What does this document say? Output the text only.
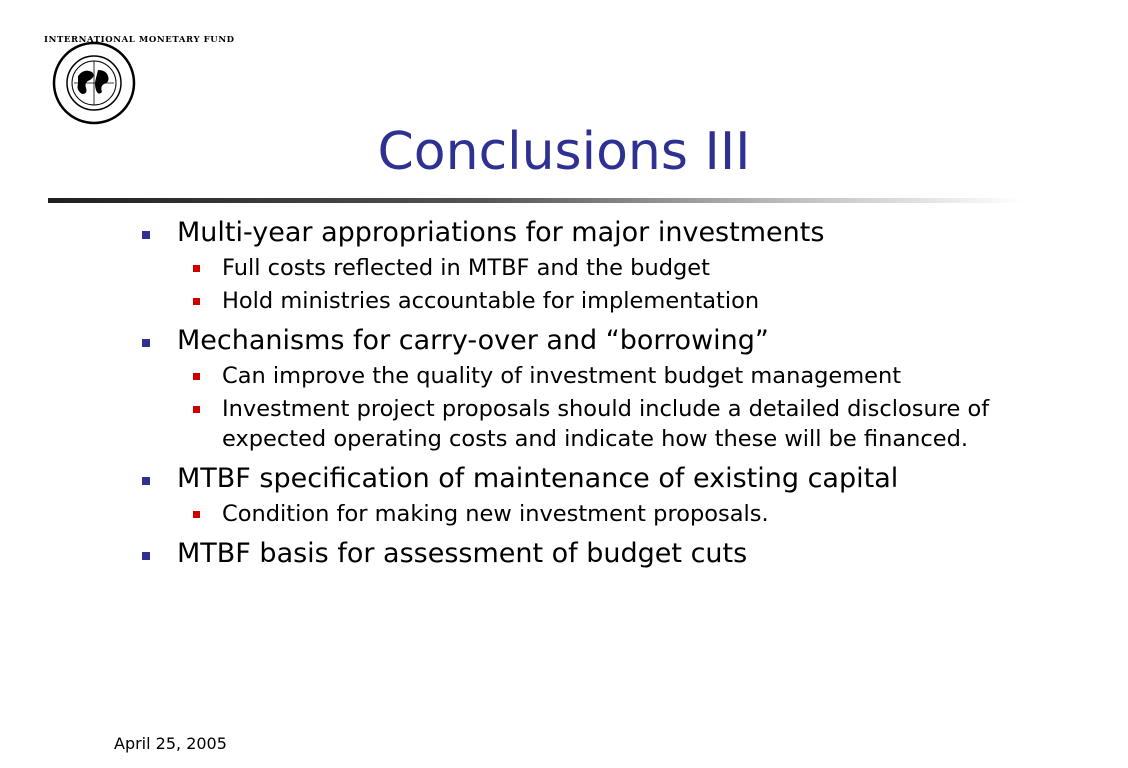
INTERNATIONAL MONETARY FUND
Conclusions III
Multi-year appropriations for major investments
Full costs reflected in MTBF and the budget
Hold ministries accountable for implementation
Mechanisms for carry-over and “borrowing”
Can improve the quality of investment budget management
Investment project proposals should include a detailed disclosure of expected operating costs and indicate how these will be financed.
MTBF specification of maintenance of existing capital
Condition for making new investment proposals.
MTBF basis for assessment of budget cuts
April 25, 2005
